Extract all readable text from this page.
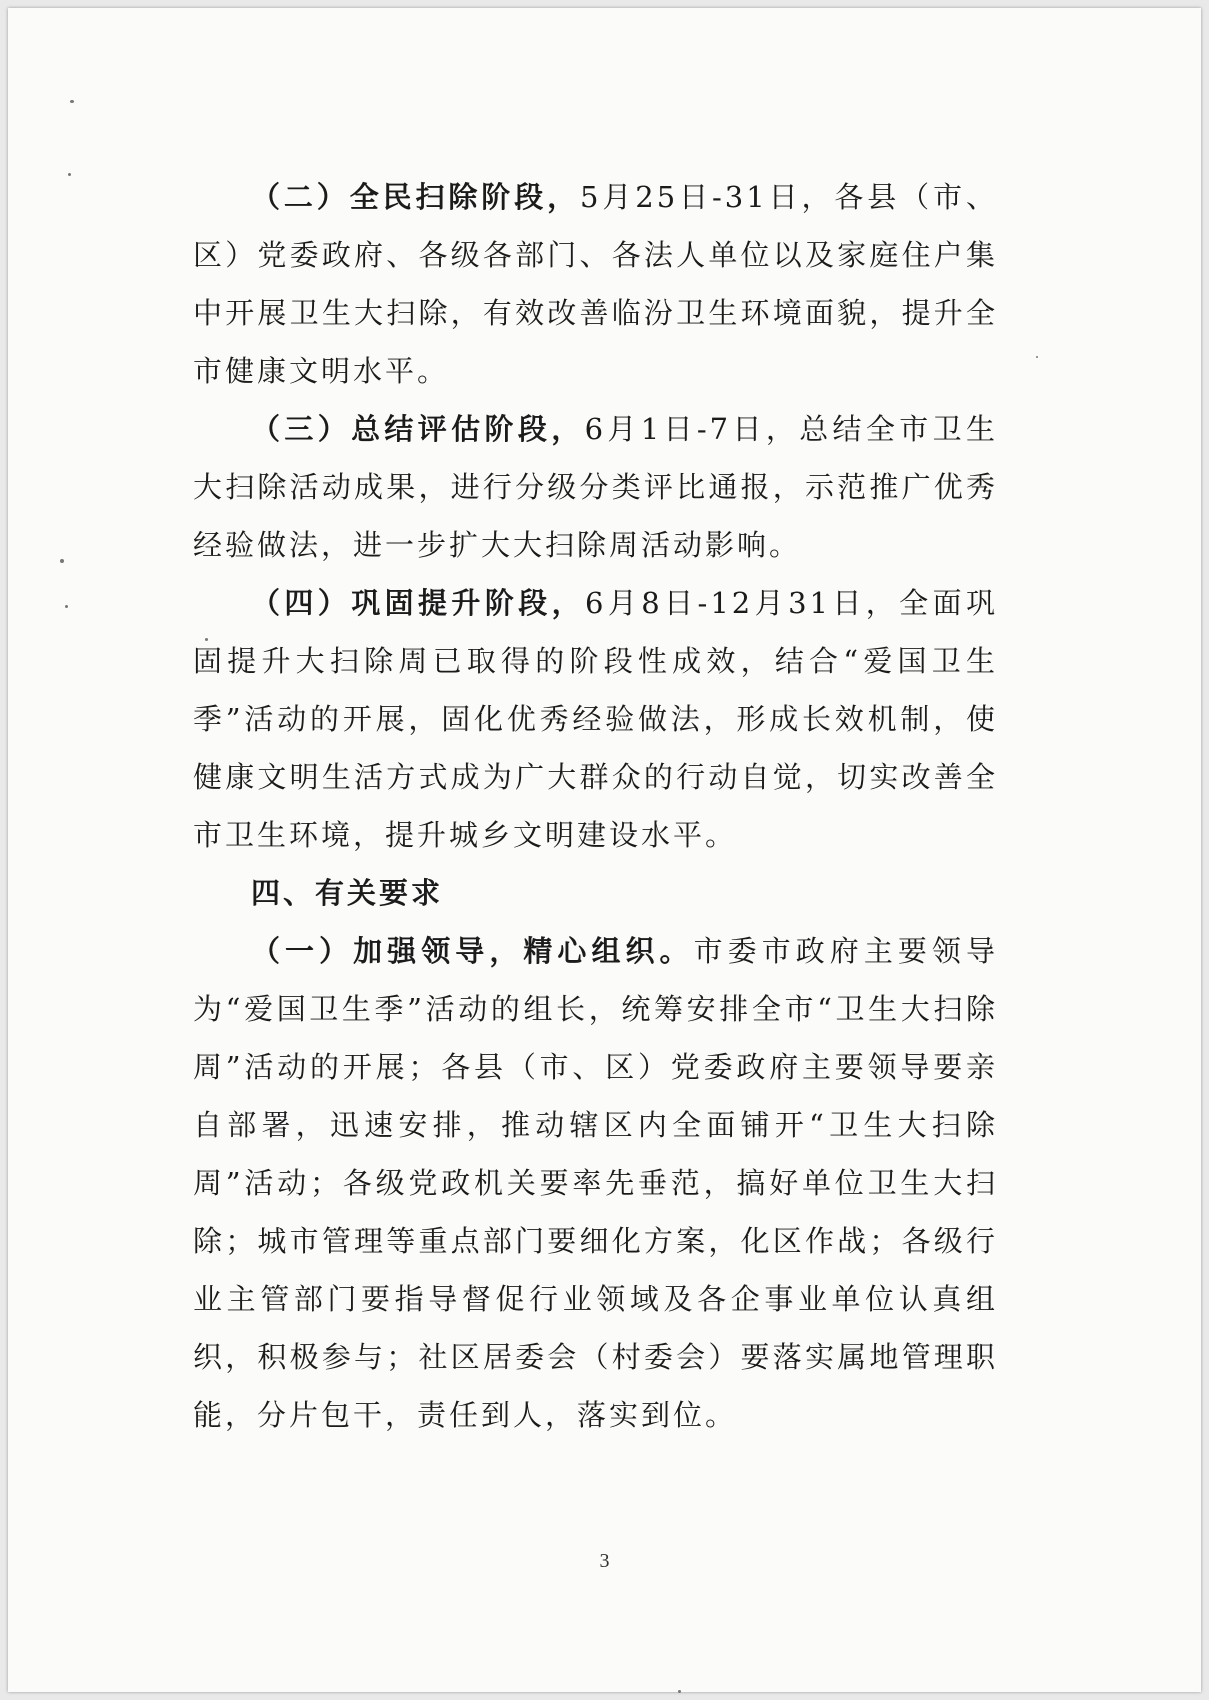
（二）全民扫除阶段，5月25日-31日，各县（市、区）党委政府、各级各部门、各法人单位以及家庭住户集中开展卫生大扫除，有效改善临汾卫生环境面貌，提升全市健康文明水平。

（三）总结评估阶段，6月1日-7日，总结全市卫生大扫除活动成果，进行分级分类评比通报，示范推广优秀经验做法，进一步扩大大扫除周活动影响。

（四）巩固提升阶段，6月8日-12月31日，全面巩固提升大扫除周已取得的阶段性成效，结合“爱国卫生季”活动的开展，固化优秀经验做法，形成长效机制，使健康文明生活方式成为广大群众的行动自觉，切实改善全市卫生环境，提升城乡文明建设水平。

四、有关要求

（一）加强领导，精心组织。市委市政府主要领导为“爱国卫生季”活动的组长，统筹安排全市“卫生大扫除周”活动的开展；各县（市、区）党委政府主要领导要亲自部署，迅速安排，推动辖区内全面铺开“卫生大扫除周”活动；各级党政机关要率先垂范，搞好单位卫生大扫除；城市管理等重点部门要细化方案，化区作战；各级行业主管部门要指导督促行业领域及各企事业单位认真组织，积极参与；社区居委会（村委会）要落实属地管理职能，分片包干，责任到人，落实到位。

3
